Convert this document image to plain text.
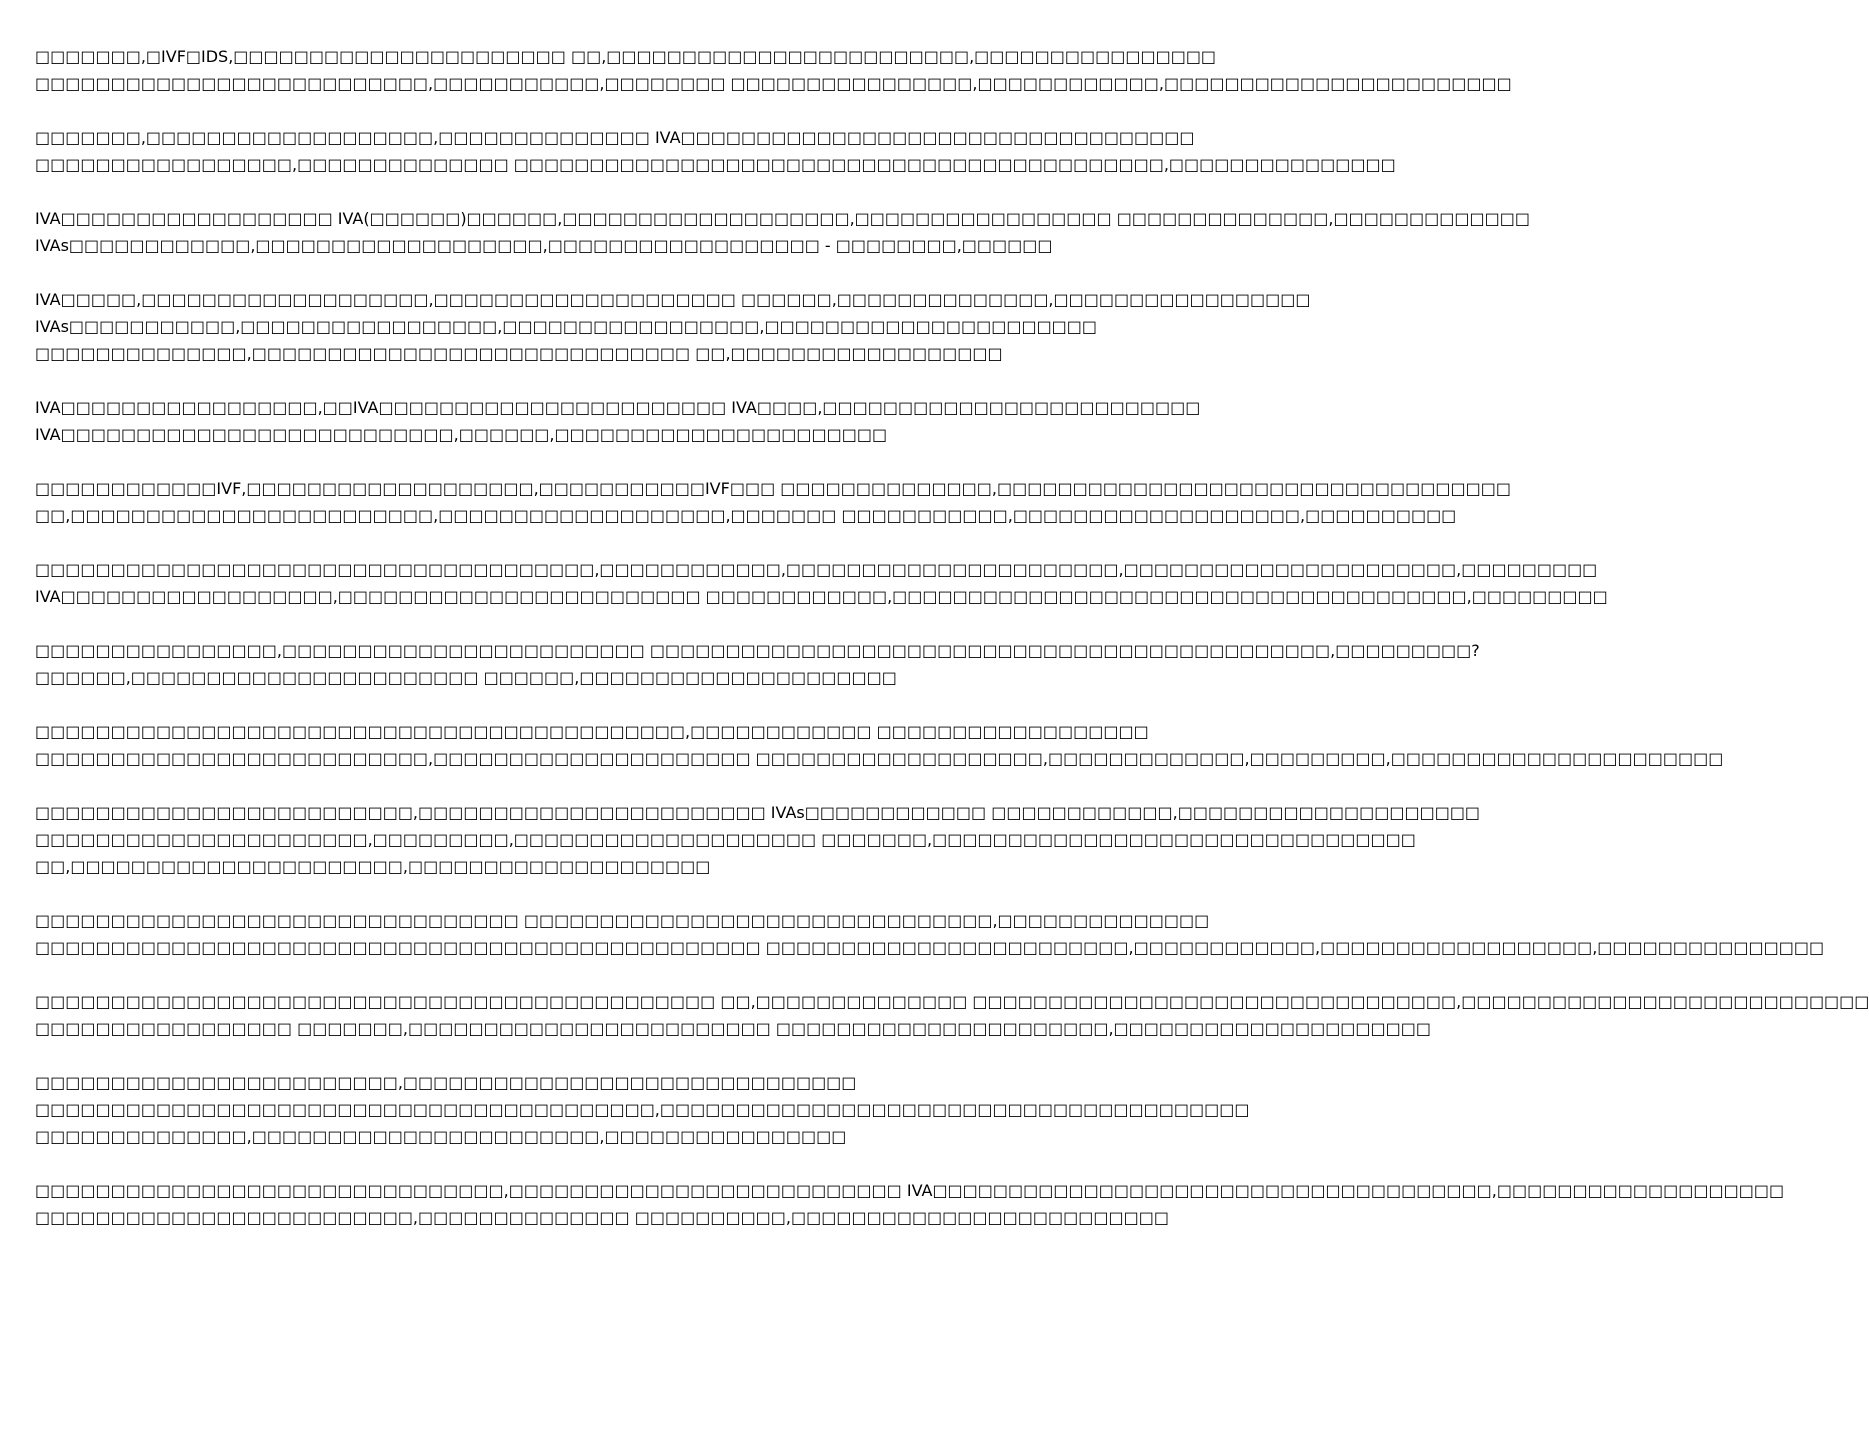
□□□□□□□,□IVF□IDS,□□□□□□□□□□□□□□□□□□□□□□ □□,□□□□□□□□□□□□□□□□□□□□□□□□,□□□□□□□□□□□□□□□□
□□□□□□□□□□□□□□□□□□□□□□□□□□,□□□□□□□□□□□,□□□□□□□□ □□□□□□□□□□□□□□□□,□□□□□□□□□□□□,□□□□□□□□□□□□□□□□□□□□□□□
□□□□□□□,□□□□□□□□□□□□□□□□□□□,□□□□□□□□□□□□□□ IVA□□□□□□□□□□□□□□□□□□□□□□□□□□□□□□□□□□
□□□□□□□□□□□□□□□□□,□□□□□□□□□□□□□□ □□□□□□□□□□□□□□□□□□□□□□□□□□□□□□□□□□□□□□□□□□□,□□□□□□□□□□□□□□□
IVA□□□□□□□□□□□□□□□□□□ IVA(□□□□□□)□□□□□□,□□□□□□□□□□□□□□□□□□□,□□□□□□□□□□□□□□□□□ □□□□□□□□□□□□□□,□□□□□□□□□□□□□
IVAs□□□□□□□□□□□□,□□□□□□□□□□□□□□□□□□□,□□□□□□□□□□□□□□□□□□ - □□□□□□□□,□□□□□□
IVA□□□□□,□□□□□□□□□□□□□□□□□□□,□□□□□□□□□□□□□□□□□□□□ □□□□□□,□□□□□□□□□□□□□□,□□□□□□□□□□□□□□□□□
IVAs□□□□□□□□□□□,□□□□□□□□□□□□□□□□□,□□□□□□□□□□□□□□□□□,□□□□□□□□□□□□□□□□□□□□□□
□□□□□□□□□□□□□□,□□□□□□□□□□□□□□□□□□□□□□□□□□□□□ □□,□□□□□□□□□□□□□□□□□□
IVA□□□□□□□□□□□□□□□□□,□□IVA□□□□□□□□□□□□□□□□□□□□□□□ IVA□□□□,□□□□□□□□□□□□□□□□□□□□□□□□□
IVA□□□□□□□□□□□□□□□□□□□□□□□□□□,□□□□□□,□□□□□□□□□□□□□□□□□□□□□□
□□□□□□□□□□□□IVF,□□□□□□□□□□□□□□□□□□□,□□□□□□□□□□□IVF□□□ □□□□□□□□□□□□□□,□□□□□□□□□□□□□□□□□□□□□□□□□□□□□□□□□□
□□,□□□□□□□□□□□□□□□□□□□□□□□□,□□□□□□□□□□□□□□□□□□□,□□□□□□□ □□□□□□□□□□□,□□□□□□□□□□□□□□□□□□□,□□□□□□□□□□
□□□□□□□□□□□□□□□□□□□□□□□□□□□□□□□□□□□□□,□□□□□□□□□□□□,□□□□□□□□□□□□□□□□□□□□□□,□□□□□□□□□□□□□□□□□□□□□□,□□□□□□□□□
IVA□□□□□□□□□□□□□□□□□□,□□□□□□□□□□□□□□□□□□□□□□□□ □□□□□□□□□□□□,□□□□□□□□□□□□□□□□□□□□□□□□□□□□□□□□□□□□□□,□□□□□□□□□
□□□□□□□□□□□□□□□□,□□□□□□□□□□□□□□□□□□□□□□□□ □□□□□□□□□□□□□□□□□□□□□□□□□□□□□□□□□□□□□□□□□□□□□,□□□□□□□□□?
□□□□□□,□□□□□□□□□□□□□□□□□□□□□□□ □□□□□□,□□□□□□□□□□□□□□□□□□□□□
□□□□□□□□□□□□□□□□□□□□□□□□□□□□□□□□□□□□□□□□□□□,□□□□□□□□□□□□ □□□□□□□□□□□□□□□□□□
□□□□□□□□□□□□□□□□□□□□□□□□□□,□□□□□□□□□□□□□□□□□□□□□ □□□□□□□□□□□□□□□□□□□,□□□□□□□□□□□□□,□□□□□□□□□,□□□□□□□□□□□□□□□□□□□□□□
□□□□□□□□□□□□□□□□□□□□□□□□□,□□□□□□□□□□□□□□□□□□□□□□□ IVAs□□□□□□□□□□□□ □□□□□□□□□□□□,□□□□□□□□□□□□□□□□□□□□
□□□□□□□□□□□□□□□□□□□□□□,□□□□□□□□□,□□□□□□□□□□□□□□□□□□□□ □□□□□□□,□□□□□□□□□□□□□□□□□□□□□□□□□□□□□□□□
□□,□□□□□□□□□□□□□□□□□□□□□□,□□□□□□□□□□□□□□□□□□□□
□□□□□□□□□□□□□□□□□□□□□□□□□□□□□□□□ □□□□□□□□□□□□□□□□□□□□□□□□□□□□□□□,□□□□□□□□□□□□□□
□□□□□□□□□□□□□□□□□□□□□□□□□□□□□□□□□□□□□□□□□□□□□□□□ □□□□□□□□□□□□□□□□□□□□□□□□,□□□□□□□□□□□□,□□□□□□□□□□□□□□□□□□,□□□□□□□□□□□□□□□
□□□□□□□□□□□□□□□□□□□□□□□□□□□□□□□□□□□□□□□□□□□□□ □□,□□□□□□□□□□□□□□ □□□□□□□□□□□□□□□□□□□□□□□□□□□□□□□□,□□□□□□□□□□□□□□□□□□□□□□□□□□□
□□□□□□□□□□□□□□□□□ □□□□□□□,□□□□□□□□□□□□□□□□□□□□□□□□ □□□□□□□□□□□□□□□□□□□□□□,□□□□□□□□□□□□□□□□□□□□□
□□□□□□□□□□□□□□□□□□□□□□□□,□□□□□□□□□□□□□□□□□□□□□□□□□□□□□□
□□□□□□□□□□□□□□□□□□□□□□□□□□□□□□□□□□□□□□□□□,□□□□□□□□□□□□□□□□□□□□□□□□□□□□□□□□□□□□□□□
□□□□□□□□□□□□□□,□□□□□□□□□□□□□□□□□□□□□□□,□□□□□□□□□□□□□□□□
□□□□□□□□□□□□□□□□□□□□□□□□□□□□□□□,□□□□□□□□□□□□□□□□□□□□□□□□□□ IVA□□□□□□□□□□□□□□□□□□□□□□□□□□□□□□□□□□□□□,□□□□□□□□□□□□□□□□□□□
□□□□□□□□□□□□□□□□□□□□□□□□□,□□□□□□□□□□□□□□ □□□□□□□□□□,□□□□□□□□□□□□□□□□□□□□□□□□□
